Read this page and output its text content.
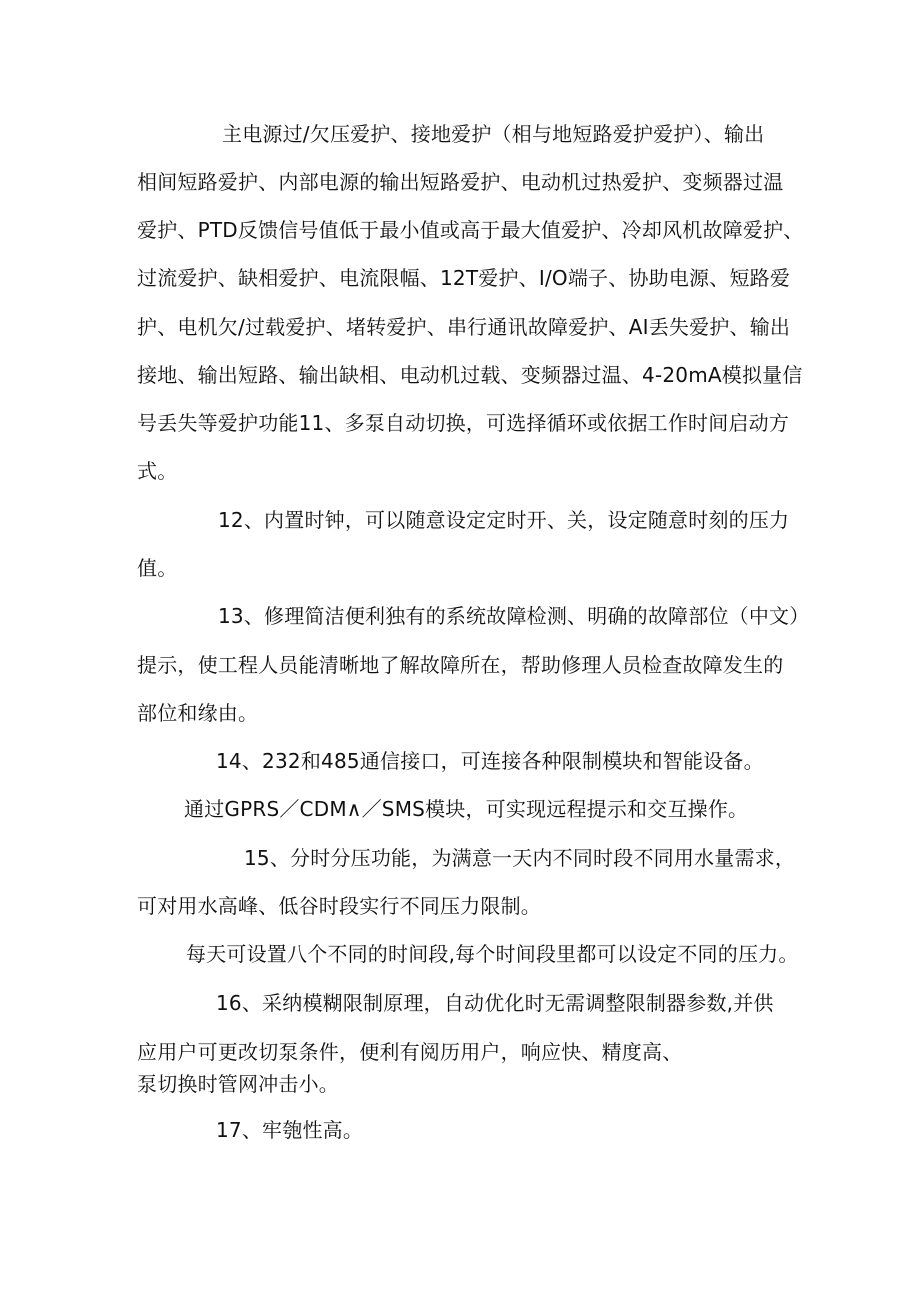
主电源过/欠压爱护、接地爱护（相与地短路爱护爱护）、输出
相间短路爱护、内部电源的输出短路爱护、电动机过热爱护、变频器过温
爱护、PTD反馈信号值低于最小值或高于最大值爱护、冷却风机故障爱护、
过流爱护、缺相爱护、电流限幅、12T爱护、I/O端子、协助电源、短路爱
护、电机欠/过载爱护、堵转爱护、串行通讯故障爱护、AI丢失爱护、输出
接地、输出短路、输出缺相、电动机过载、变频器过温、4-20mA模拟量信
号丢失等爱护功能11、多泵自动切换，可选择循环或依据工作时间启动方
式。
12、内置时钟，可以随意设定定时开、关，设定随意时刻的压力
值。
13、修理简洁便利独有的系统故障检测、明确的故障部位（中文）
提示，使工程人员能清晰地了解故障所在，帮助修理人员检查故障发生的
部位和缘由。
14、232和485通信接口，可连接各种限制模块和智能设备。
通过GPRS／CDM∧／SMS模块，可实现远程提示和交互操作。
15、分时分压功能，为满意一天内不同时段不同用水量需求，
可对用水高峰、低谷时段实行不同压力限制。
每天可设置八个不同的时间段,每个时间段里都可以设定不同的压力。
16、采纳模糊限制原理，自动优化时无需调整限制器参数,并供
应用户可更改切泵条件，便利有阅历用户，响应快、精度高、
泵切换时管网冲击小。
17、牢匏性高。
